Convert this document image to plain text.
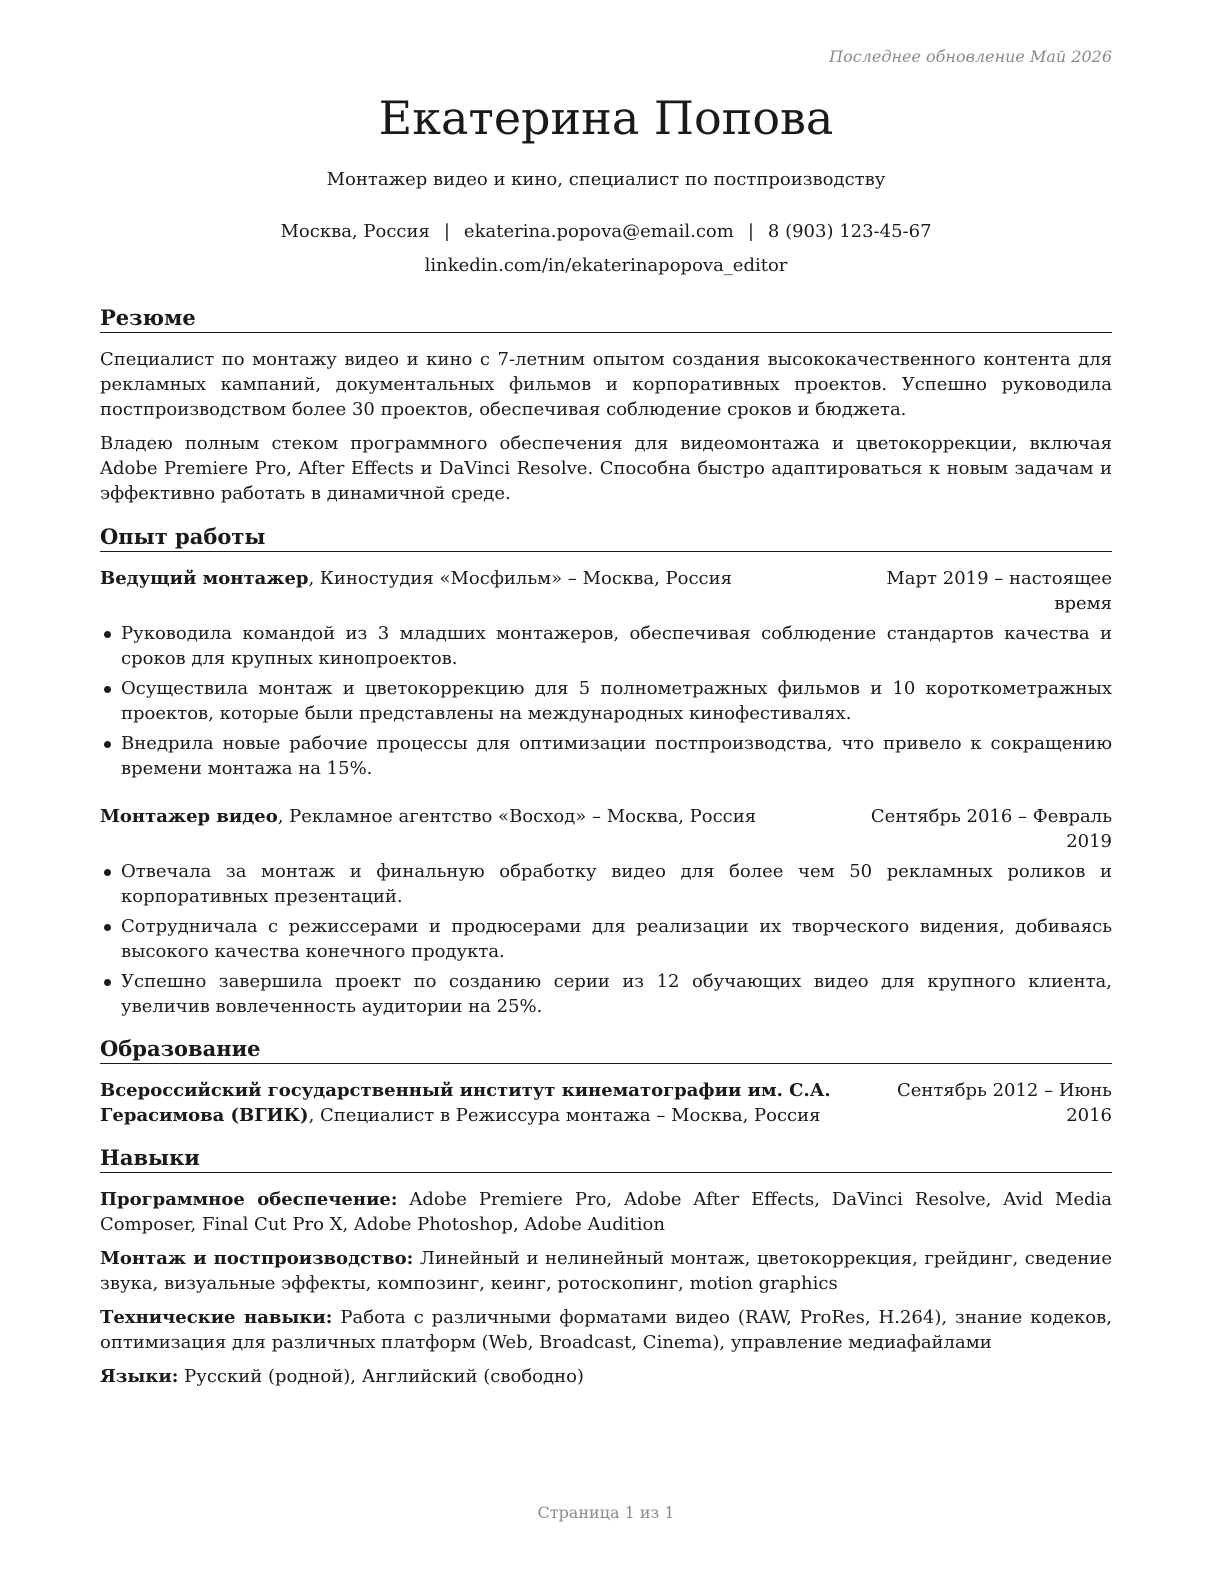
Последнее обновление Май 2026
Екатерина Попова
Монтажер видео и кино, специалист по постпроизводству
Москва, Россия | ekaterina.popova@email.com | 8 (903) 123-45-67
linkedin.com/in/ekaterinapopova_editor
Резюме
Специалист по монтажу видео и кино с 7-летним опытом создания высококачественного контента для рекламных кампаний, документальных фильмов и корпоративных проектов. Успешно руководила постпроизводством более 30 проектов, обеспечивая соблюдение сроков и бюджета.
Владею полным стеком программного обеспечения для видеомонтажа и цветокоррекции, включая Adobe Premiere Pro, After Effects и DaVinci Resolve. Способна быстро адаптироваться к новым задачам и эффективно работать в динамичной среде.
Опыт работы
Ведущий монтажер, Киностудия «Мосфильм» – Москва, Россия	Март 2019 – настоящее время
Руководила командой из 3 младших монтажеров, обеспечивая соблюдение стандартов качества и сроков для крупных кинопроектов.
Осуществила монтаж и цветокоррекцию для 5 полнометражных фильмов и 10 короткометражных проектов, которые были представлены на международных кинофестивалях.
Внедрила новые рабочие процессы для оптимизации постпроизводства, что привело к сокращению времени монтажа на 15%.
Монтажер видео, Рекламное агентство «Восход» – Москва, Россия	Сентябрь 2016 – Февраль 2019
Отвечала за монтаж и финальную обработку видео для более чем 50 рекламных роликов и корпоративных презентаций.
Сотрудничала с режиссерами и продюсерами для реализации их творческого видения, добиваясь высокого качества конечного продукта.
Успешно завершила проект по созданию серии из 12 обучающих видео для крупного клиента, увеличив вовлеченность аудитории на 25%.
Образование
Всероссийский государственный институт кинематографии им. С.А. Герасимова (ВГИК), Специалист в Режиссура монтажа – Москва, Россия
Сентябрь 2012 – Июнь 2016
Навыки
Программное обеспечение: Adobe Premiere Pro, Adobe After Effects, DaVinci Resolve, Avid Media Composer, Final Cut Pro X, Adobe Photoshop, Adobe Audition
Монтаж и постпроизводство: Линейный и нелинейный монтаж, цветокоррекция, грейдинг, сведение звука, визуальные эффекты, композинг, кеинг, ротоскопинг, motion graphics
Технические навыки: Работа с различными форматами видео (RAW, ProRes, H.264), знание кодеков, оптимизация для различных платформ (Web, Broadcast, Cinema), управление медиафайлами
Языки: Русский (родной), Английский (свободно)
Страница 1 из 1
